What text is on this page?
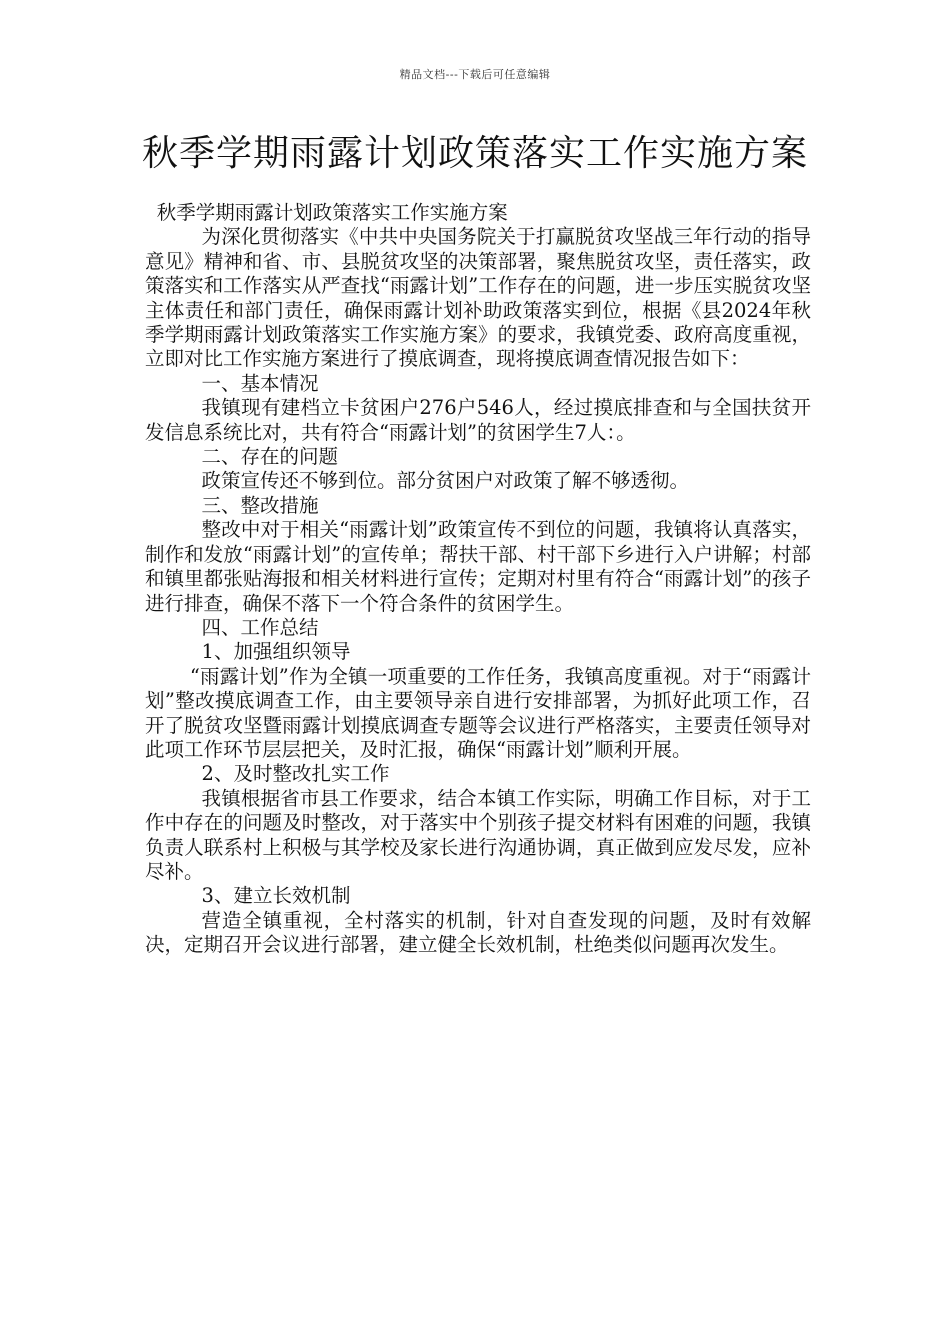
精品文档---下载后可任意编辑
秋季学期雨露计划政策落实工作实施方案

秋季学期雨露计划政策落实工作实施方案

为深化贯彻落实《中共中央国务院关于打赢脱贫攻坚战三年行动的指导意见》精神和省、市、县脱贫攻坚的决策部署，聚焦脱贫攻坚，责任落实，政策落实和工作落实从严查找“雨露计划”工作存在的问题，进一步压实脱贫攻坚主体责任和部门责任，确保雨露计划补助政策落实到位，根据《县2024年秋季学期雨露计划政策落实工作实施方案》的要求，我镇党委、政府高度重视，立即对比工作实施方案进行了摸底调查，现将摸底调查情况报告如下：

一、基本情况

我镇现有建档立卡贫困户276户546人，经过摸底排查和与全国扶贫开发信息系统比对，共有符合“雨露计划”的贫困学生7人：。

二、存在的问题

政策宣传还不够到位。部分贫困户对政策了解不够透彻。

三、整改措施

整改中对于相关“雨露计划”政策宣传不到位的问题，我镇将认真落实，制作和发放“雨露计划”的宣传单；帮扶干部、村干部下乡进行入户讲解；村部和镇里都张贴海报和相关材料进行宣传；定期对村里有符合“雨露计划”的孩子进行排查，确保不落下一个符合条件的贫困学生。

四、工作总结

1、加强组织领导

“雨露计划”作为全镇一项重要的工作任务，我镇高度重视。对于“雨露计划”整改摸底调查工作，由主要领导亲自进行安排部署，为抓好此项工作，召开了脱贫攻坚暨雨露计划摸底调查专题等会议进行严格落实，主要责任领导对此项工作环节层层把关，及时汇报，确保“雨露计划”顺利开展。

2、及时整改扎实工作

我镇根据省市县工作要求，结合本镇工作实际，明确工作目标，对于工作中存在的问题及时整改，对于落实中个别孩子提交材料有困难的问题，我镇负责人联系村上积极与其学校及家长进行沟通协调，真正做到应发尽发，应补尽补。

3、建立长效机制

营造全镇重视，全村落实的机制，针对自查发现的问题，及时有效解决，定期召开会议进行部署，建立健全长效机制，杜绝类似问题再次发生。
